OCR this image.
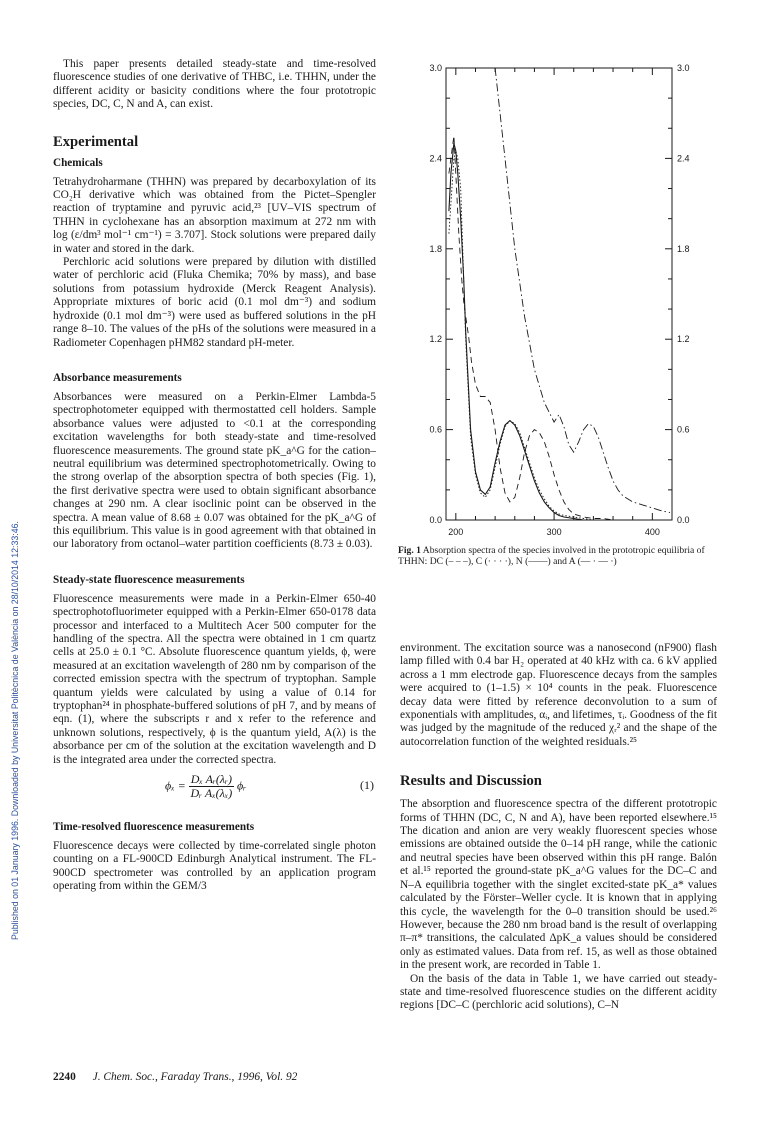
Published on 01 January 1996. Downloaded by Universitat Politècnica de València on 28/10/2014 12:33:46.

This paper presents detailed steady-state and time-resolved fluorescence studies of one derivative of THBC, i.e. THHN, under the different acidity or basicity conditions where the four prototropic species, DC, C, N and A, can exist.

Experimental
Chemicals

Tetrahydroharmane (THHN) was prepared by decarboxylation of its CO₂H derivative which was obtained from the Pictet–Spengler reaction of tryptamine and pyruvic acid,²³ [UV–VIS spectrum of THHN in cyclohexane has an absorption maximum at 272 nm with log (ε/dm³ mol⁻¹ cm⁻¹) = 3.707]. Stock solutions were prepared daily in water and stored in the dark.

Perchloric acid solutions were prepared by dilution with distilled water of perchloric acid (Fluka Chemika; 70% by mass), and base solutions from potassium hydroxide (Merck Reagent Analysis). Appropriate mixtures of boric acid (0.1 mol dm⁻³) and sodium hydroxide (0.1 mol dm⁻³) were used as buffered solutions in the pH range 8–10. The values of the pHs of the solutions were measured in a Radiometer Copenhagen pHM82 standard pH-meter.

Absorbance measurements

Absorbances were measured on a Perkin-Elmer Lambda-5 spectrophotometer equipped with thermostatted cell holders. Sample absorbance values were adjusted to <0.1 at the corresponding excitation wavelengths for both steady-state and time-resolved fluorescence measurements. The ground state pK_a^G for the cation–neutral equilibrium was determined spectrophotometrically. Owing to the strong overlap of the absorption spectra of both species (Fig. 1), the first derivative spectra were used to obtain significant absorbance changes at 290 nm. A clear isoclinic point can be observed in the spectra. A mean value of 8.68 ± 0.07 was obtained for the pK_a^G of this equilibrium. This value is in good agreement with that obtained in our laboratory from octanol–water partition coefficients (8.73 ± 0.03).

Steady-state fluorescence measurements

Fluorescence measurements were made in a Perkin-Elmer 650-40 spectrophotofluorimeter equipped with a Perkin-Elmer 650-0178 data processor and interfaced to a Multitech Acer 500 computer for the handling of the spectra. All the spectra were obtained in 1 cm quartz cells at 25.0 ± 0.1 °C. Absolute fluorescence quantum yields, ϕ, were measured at an excitation wavelength of 280 nm by comparison of the corrected emission spectra with the spectrum of tryptophan. Sample quantum yields were calculated by using a value of 0.14 for tryptophan²⁴ in phosphate-buffered solutions of pH 7, and by means of eqn. (1), where the subscripts r and x refer to the reference and unknown solutions, respectively, ϕ is the quantum yield, A(λ) is the absorbance per cm of the solution at the excitation wavelength and D is the integrated area under the corrected spectra.

$\phi_x = \frac{\text{Dₓ Aᵣ(λᵣ)}}{\text{Dᵣ Aₓ(λₓ)}}$ ϕᵣ	(1)
Time-resolved fluorescence measurements

Fluorescence decays were collected by time-correlated single photon counting on a FL-900CD Edinburgh Analytical instrument. The FL-900CD spectrometer was controlled by an application program operating from within the GEM/3

200	300	400
0.0
0.6
1.2
1.8
2.4
3.0
0.0
0.6
1.2
1.8
2.4
3.0
Fig. 1 Absorption spectra of the species involved in the prototropic equilibria of THHN: DC (– – –), C (· · · ·), N (——) and A (— · — ·)

environment. The excitation source was a nanosecond (nF900) flash lamp filled with 0.4 bar H₂ operated at 40 kHz with ca. 6 kV applied across a 1 mm electrode gap. Fluorescence decays from the samples were acquired to (1–1.5) × 10⁴ counts in the peak. Fluorescence decay data were fitted by reference deconvolution to a sum of exponentials with amplitudes, αᵢ, and lifetimes, τᵢ. Goodness of the fit was judged by the magnitude of the reduced χᵣ² and the shape of the autocorrelation function of the weighted residuals.²⁵

Results and Discussion

The absorption and fluorescence spectra of the different prototropic forms of THHN (DC, C, N and A), have been reported elsewhere.¹⁵ The dication and anion are very weakly fluorescent species whose emissions are obtained outside the 0–14 pH range, while the cationic and neutral species have been observed within this pH range. Balón et al.¹⁵ reported the ground-state pK_a^G values for the DC–C and N–A equilibria together with the singlet excited-state pK_a* values calculated by the Förster–Weller cycle. It is known that in applying this cycle, the wavelength for the 0–0 transition should be used.²⁶ However, because the 280 nm broad band is the result of overlapping π–π* transitions, the calculated ΔpK_a values should be considered only as estimated values. Data from ref. 15, as well as those obtained in the present work, are recorded in Table 1.

On the basis of the data in Table 1, we have carried out steady-state and time-resolved fluorescence studies on the different acidity regions [DC–C (perchloric acid solutions), C–N

2240 J. Chem. Soc., Faraday Trans., 1996, Vol. 92
